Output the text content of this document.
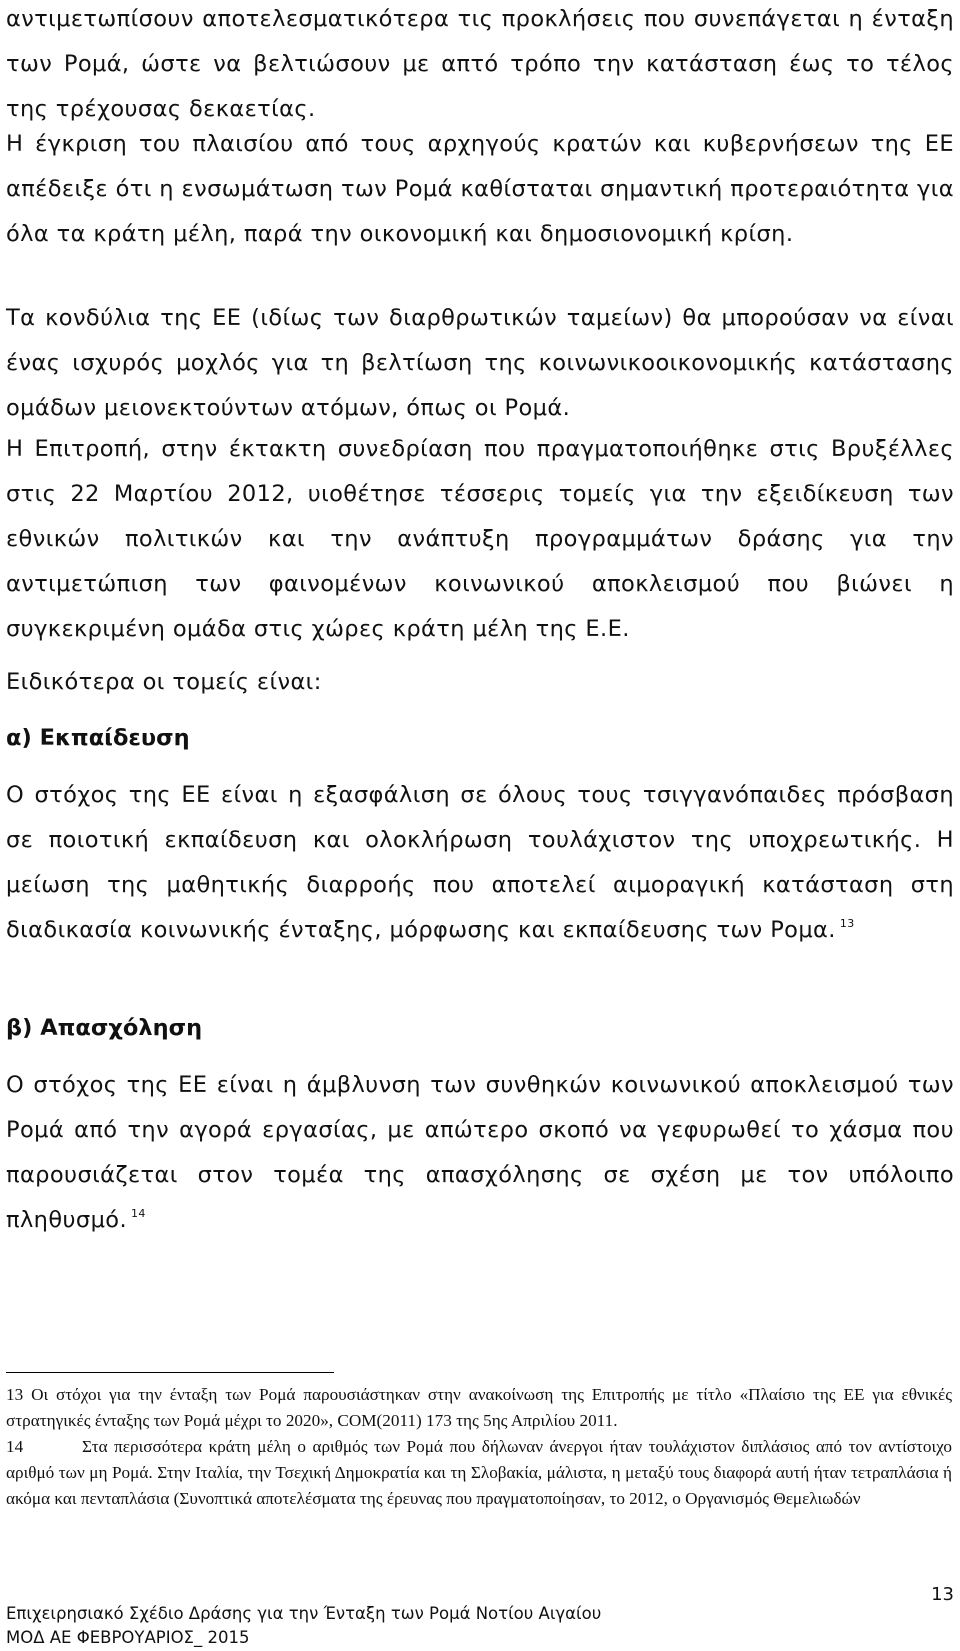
αντιμετωπίσουν αποτελεσματικότερα τις προκλήσεις που συνεπάγεται η ένταξη των Ρομά, ώστε να βελτιώσουν με απτό τρόπο την κατάσταση έως το τέλος της τρέχουσας δεκαετίας.

Η έγκριση του πλαισίου από τους αρχηγούς κρατών και κυβερνήσεων της ΕΕ απέδειξε ότι η ενσωμάτωση των Ρομά καθίσταται σημαντική προτεραιότητα για όλα τα κράτη μέλη, παρά την οικονομική και δημοσιονομική κρίση.

Τα κονδύλια της ΕΕ (ιδίως των διαρθρωτικών ταμείων) θα μπορούσαν να είναι ένας ισχυρός μοχλός για τη βελτίωση της κοινωνικοοικονομικής κατάστασης ομάδων μειονεκτούντων ατόμων, όπως οι Ρομά.

Η Επιτροπή, στην έκτακτη συνεδρίαση που πραγματοποιήθηκε στις Βρυξέλλες στις 22 Μαρτίου 2012, υιοθέτησε τέσσερις τομείς για την εξειδίκευση των εθνικών πολιτικών και την ανάπτυξη προγραμμάτων δράσης για την αντιμετώπιση των φαινομένων κοινωνικού αποκλεισμού που βιώνει η συγκεκριμένη ομάδα στις χώρες κράτη μέλη της Ε.Ε.

Ειδικότερα οι τομείς είναι:

α) Εκπαίδευση

Ο στόχος της ΕΕ είναι η εξασφάλιση σε όλους τους τσιγγανόπαιδες πρόσβαση σε ποιοτική εκπαίδευση και ολοκλήρωση τουλάχιστον της υποχρεωτικής. Η μείωση της μαθητικής διαρροής που αποτελεί αιμοραγική κατάσταση στη διαδικασία κοινωνικής ένταξης, μόρφωσης και εκπαίδευσης των Ρομα. $^{13}$

β) Απασχόληση

Ο στόχος της ΕΕ είναι η άμβλυνση των συνθηκών κοινωνικού αποκλεισμού των Ρομά από την αγορά εργασίας, με απώτερο σκοπό να γεφυρωθεί το χάσμα που παρουσιάζεται στον τομέα της απασχόλησης σε σχέση με τον υπόλοιπο πληθυσμό. $^{14}$

13 Οι στόχοι για την ένταξη των Ρομά παρουσιάστηκαν στην ανακοίνωση της Επιτροπής με τίτλο «Πλαίσιο της ΕΕ για εθνικές στρατηγικές ένταξης των Ρομά μέχρι το 2020», COM(2011) 173 της 5ης Απριλίου 2011.

14	Στα περισσότερα κράτη μέλη ο αριθμός των Ρομά που δήλωναν άνεργοι ήταν τουλάχιστον διπλάσιος από τον αντίστοιχο αριθμό των μη Ρομά. Στην Ιταλία, την Τσεχική Δημοκρατία και τη Σλοβακία, μάλιστα, η μεταξύ τους διαφορά αυτή ήταν τετραπλάσια ή ακόμα και πενταπλάσια (Συνοπτικά αποτελέσματα της έρευνας που πραγματοποίησαν, το 2012, ο Οργανισμός Θεμελιωδών

13
Επιχειρησιακό Σχέδιο Δράσης για την Ένταξη των Ρομά Νοτίου Αιγαίου
ΜΟΔ ΑΕ ΦΕΒΡΟΥΑΡΙΟΣ_ 2015
